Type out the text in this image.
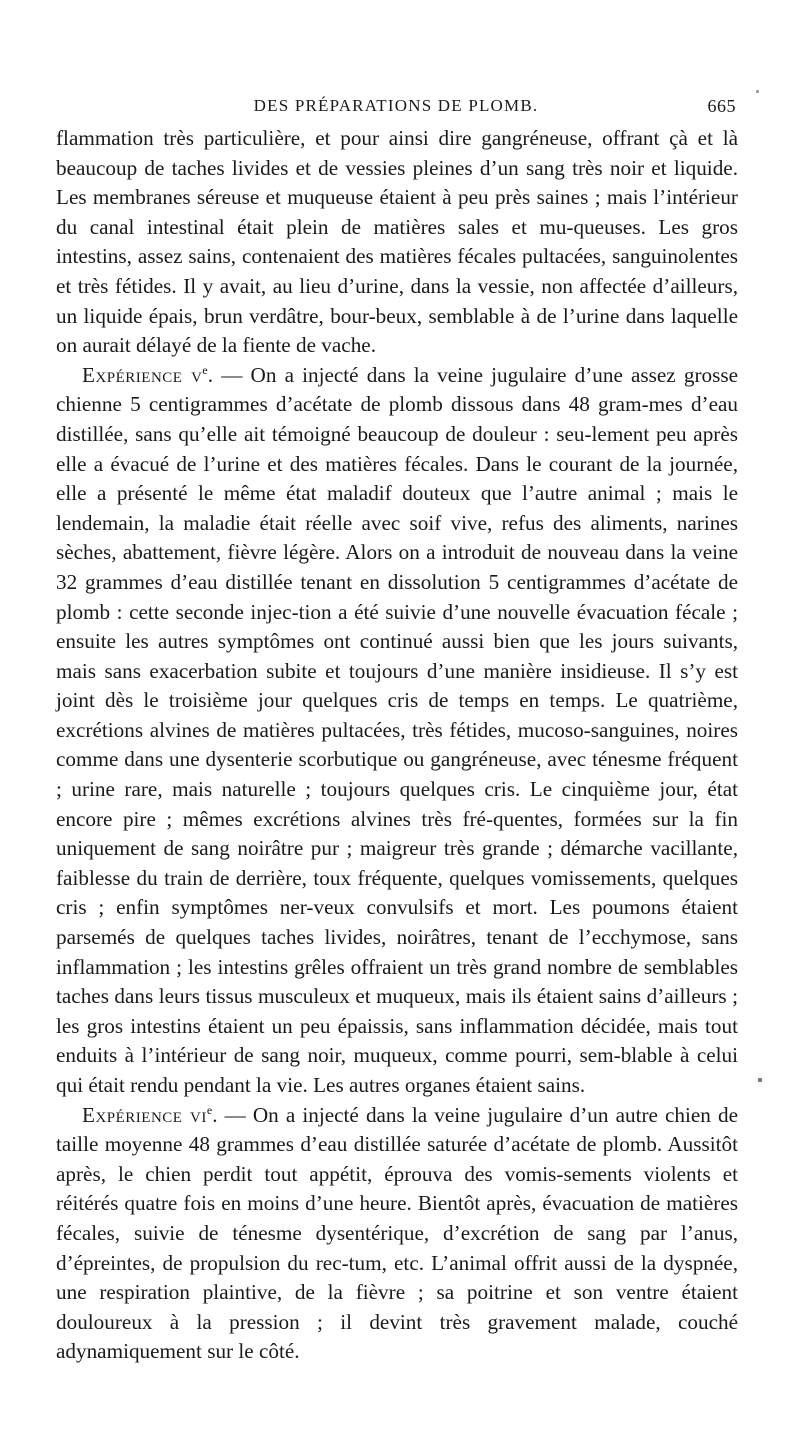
DES PRÉPARATIONS DE PLOMB.	665

flammation très particulière, et pour ainsi dire gangréneuse, offrant çà et là beaucoup de taches livides et de vessies pleines d’un sang très noir et liquide. Les membranes séreuse et muqueuse étaient à peu près saines ; mais l’intérieur du canal intestinal était plein de matières sales et mu-queuses. Les gros intestins, assez sains, contenaient des matières fécales pultacées, sanguinolentes et très fétides. Il y avait, au lieu d’urine, dans la vessie, non affectée d’ailleurs, un liquide épais, brun verdâtre, bour-beux, semblable à de l’urine dans laquelle on aurait délayé de la fiente de vache.

Expérience $v^e$. — On a injecté dans la veine jugulaire d’une assez grosse chienne 5 centigrammes d’acétate de plomb dissous dans 48 gram-mes d’eau distillée, sans qu’elle ait témoigné beaucoup de douleur : seu-lement peu après elle a évacué de l’urine et des matières fécales. Dans le courant de la journée, elle a présenté le même état maladif douteux que l’autre animal ; mais le lendemain, la maladie était réelle avec soif vive, refus des aliments, narines sèches, abattement, fièvre légère. Alors on a introduit de nouveau dans la veine 32 grammes d’eau distillée tenant en dissolution 5 centigrammes d’acétate de plomb : cette seconde injec-tion a été suivie d’une nouvelle évacuation fécale ; ensuite les autres symptômes ont continué aussi bien que les jours suivants, mais sans exacerbation subite et toujours d’une manière insidieuse. Il s’y est joint dès le troisième jour quelques cris de temps en temps. Le quatrième, excrétions alvines de matières pultacées, très fétides, mucoso-sanguines, noires comme dans une dysenterie scorbutique ou gangréneuse, avec ténesme fréquent ; urine rare, mais naturelle ; toujours quelques cris. Le cinquième jour, état encore pire ; mêmes excrétions alvines très fré-quentes, formées sur la fin uniquement de sang noirâtre pur ; maigreur très grande ; démarche vacillante, faiblesse du train de derrière, toux fréquente, quelques vomissements, quelques cris ; enfin symptômes ner-veux convulsifs et mort. Les poumons étaient parsemés de quelques taches livides, noirâtres, tenant de l’ecchymose, sans inflammation ; les intestins grêles offraient un très grand nombre de semblables taches dans leurs tissus musculeux et muqueux, mais ils étaient sains d’ailleurs ; les gros intestins étaient un peu épaissis, sans inflammation décidée, mais tout enduits à l’intérieur de sang noir, muqueux, comme pourri, sem-blable à celui qui était rendu pendant la vie. Les autres organes étaient sains.

Expérience $vi^e$. — On a injecté dans la veine jugulaire d’un autre chien de taille moyenne 48 grammes d’eau distillée saturée d’acétate de plomb. Aussitôt après, le chien perdit tout appétit, éprouva des vomis-sements violents et réitérés quatre fois en moins d’une heure. Bientôt après, évacuation de matières fécales, suivie de ténesme dysentérique, d’excrétion de sang par l’anus, d’épreintes, de propulsion du rec-tum, etc. L’animal offrit aussi de la dyspnée, une respiration plaintive, de la fièvre ; sa poitrine et son ventre étaient douloureux à la pression ; il devint très gravement malade, couché adynamiquement sur le côté.
